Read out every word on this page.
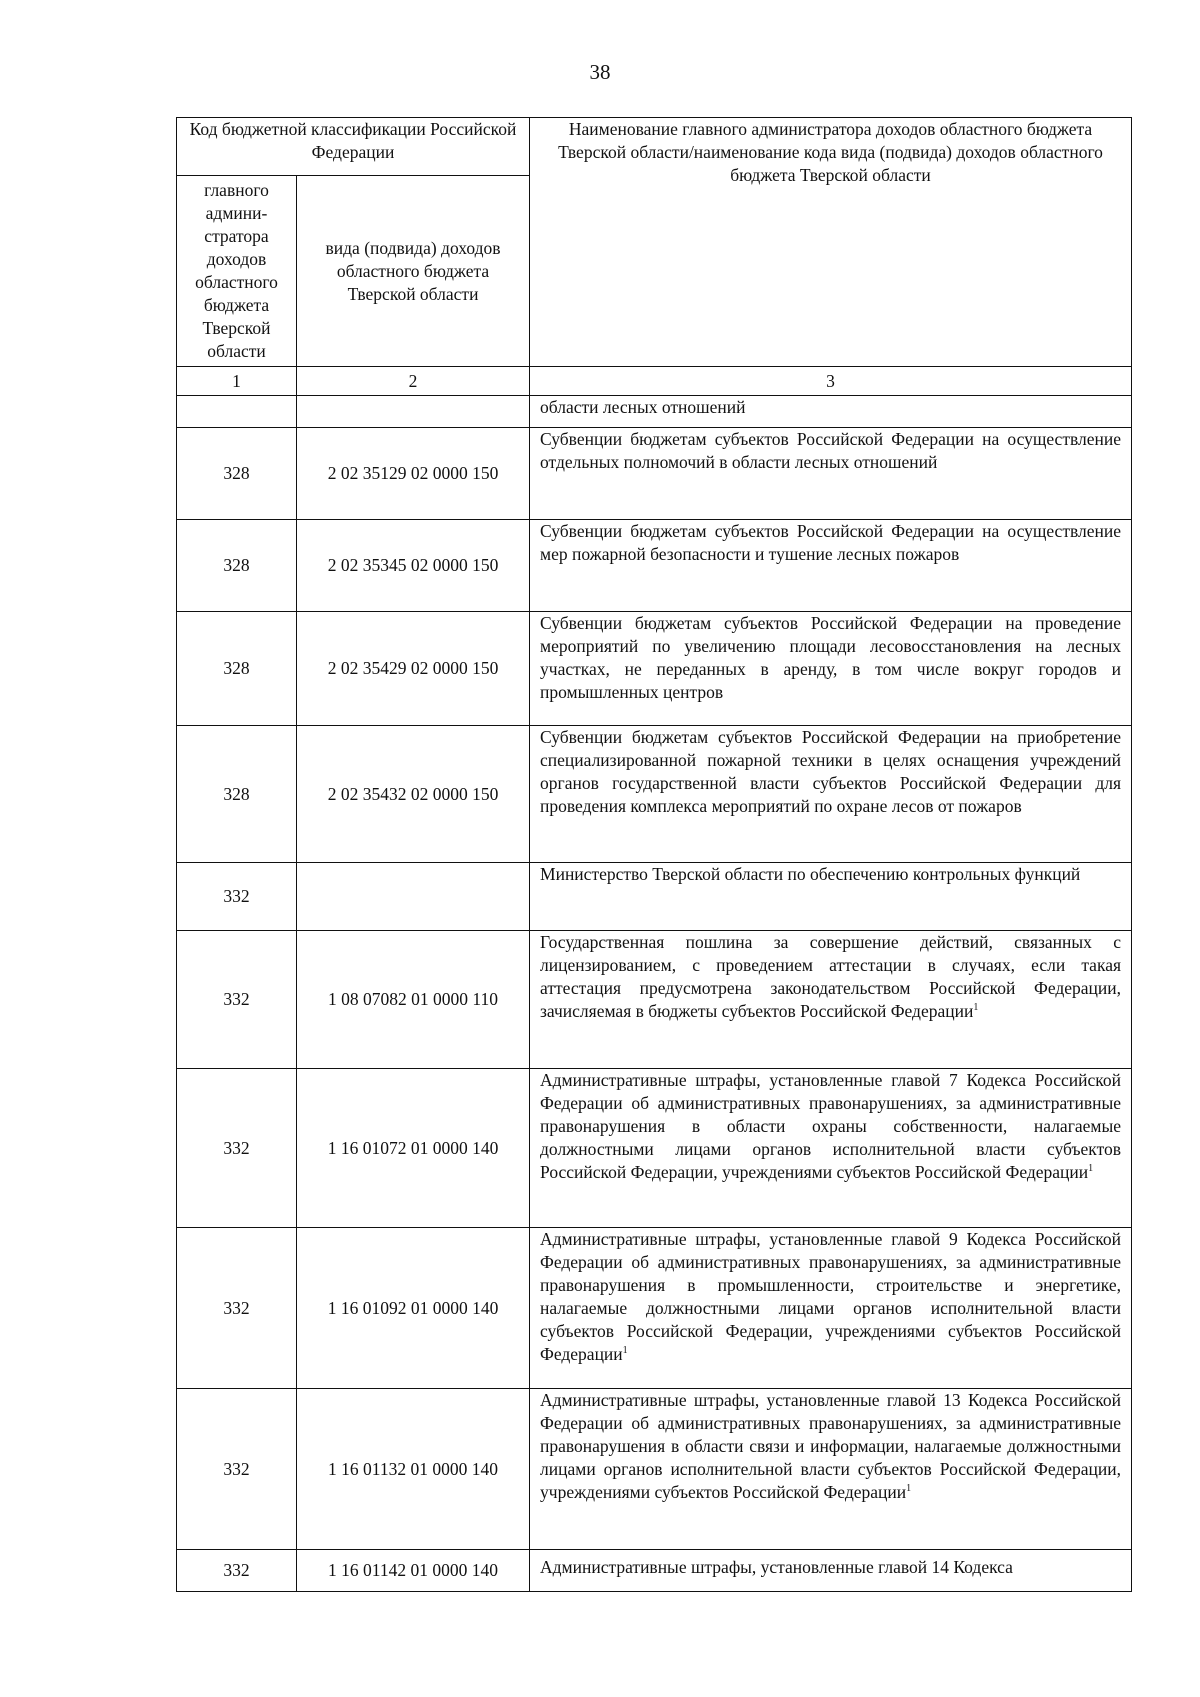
38
Код бюджетной классификации Российской Федерации		Наименование главного администратора доходов областного бюджета Тверской области/наименование кода вида (подвида) доходов областного бюджета Тверской области
главного админи-стратора доходов областного бюджета Тверской области	вида (подвида) доходов областного бюджета Тверской области	
1	2	3
		области лесных отношений
328	2 02 35129 02 0000 150	Субвенции бюджетам субъектов Российской Федерации на осуществление отдельных полномочий в области лесных отношений
328	2 02 35345 02 0000 150	Субвенции бюджетам субъектов Российской Федерации на осуществление мер пожарной безопасности и тушение лесных пожаров
328	2 02 35429 02 0000 150	Субвенции бюджетам субъектов Российской Федерации на проведение мероприятий по увеличению площади лесовосстановления на лесных участках, не переданных в аренду, в том числе вокруг городов и промышленных центров
328	2 02 35432 02 0000 150	Субвенции бюджетам субъектов Российской Федерации на приобретение специализированной пожарной техники в целях оснащения учреждений органов государственной власти субъектов Российской Федерации для проведения комплекса мероприятий по охране лесов от пожаров
332		Министерство Тверской области по обеспечению контрольных функций
332	1 08 07082 01 0000 110	Государственная пошлина за совершение действий, связанных с лицензированием, с проведением аттестации в случаях, если такая аттестация предусмотрена законодательством Российской Федерации, зачисляемая в бюджеты субъектов Российской Федерации$^1$
332	1 16 01072 01 0000 140	Административные штрафы, установленные главой 7 Кодекса Российской Федерации об административных правонарушениях, за административные правонарушения в области охраны собственности, налагаемые должностными лицами органов исполнительной власти субъектов Российской Федерации, учреждениями субъектов Российской Федерации$^1$
332	1 16 01092 01 0000 140	Административные штрафы, установленные главой 9 Кодекса Российской Федерации об административных правонарушениях, за административные правонарушения в промышленности, строительстве и энергетике, налагаемые должностными лицами органов исполнительной власти субъектов Российской Федерации, учреждениями субъектов Российской Федерации$^1$
332	1 16 01132 01 0000 140	Административные штрафы, установленные главой 13 Кодекса Российской Федерации об административных правонарушениях, за административные правонарушения в области связи и информации, налагаемые должностными лицами органов исполнительной власти субъектов Российской Федерации, учреждениями субъектов Российской Федерации$^1$
332	1 16 01142 01 0000 140	Административные штрафы, установленные главой 14 Кодекса
